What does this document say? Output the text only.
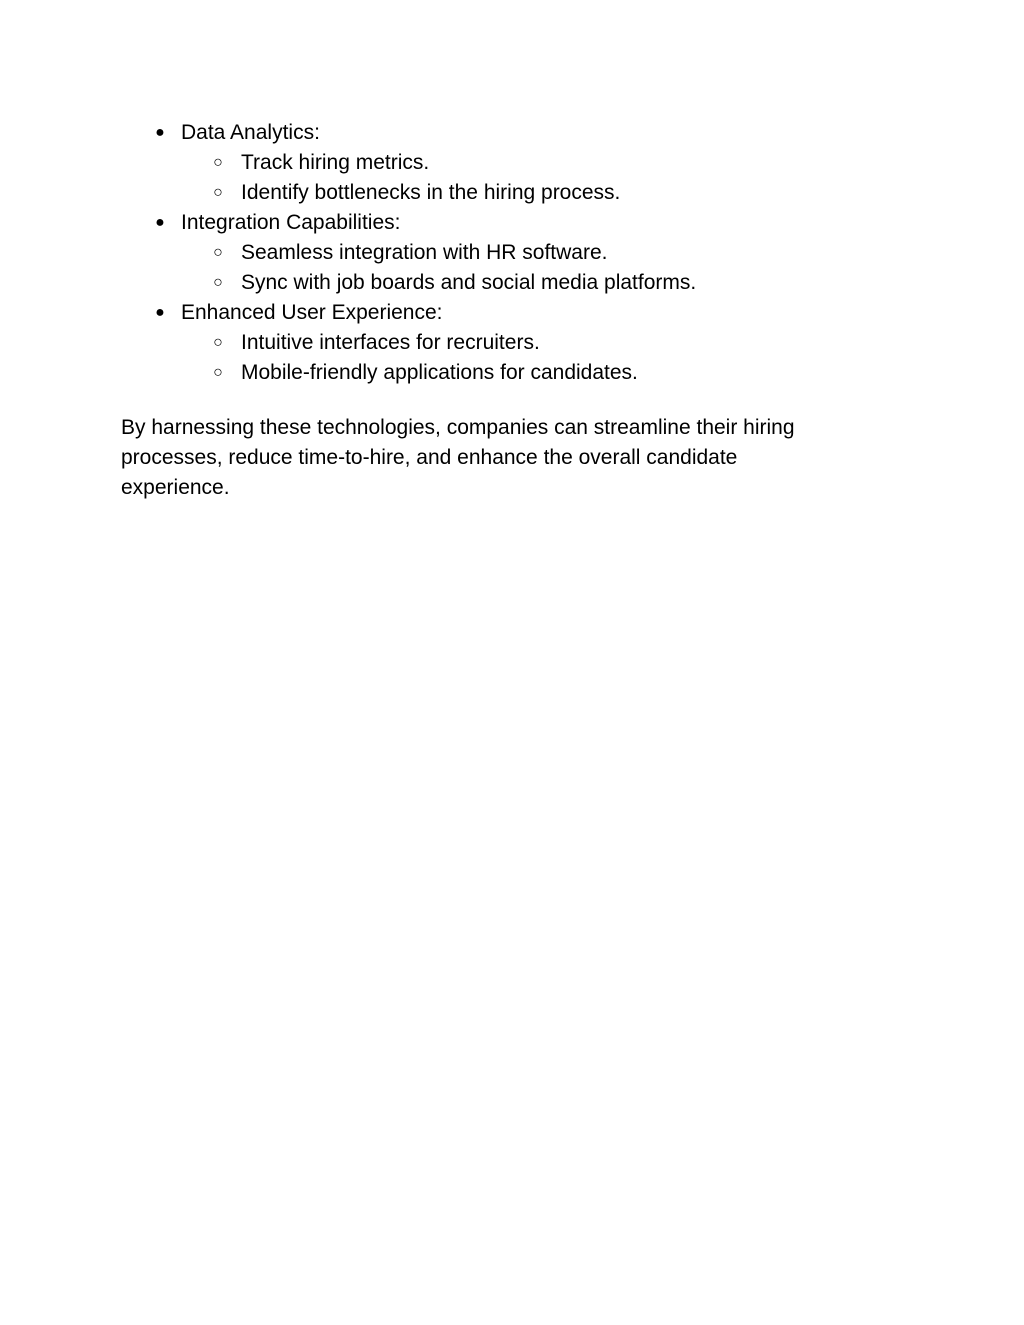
● Data Analytics:
○ Track hiring metrics.
○ Identify bottlenecks in the hiring process.
● Integration Capabilities:
○ Seamless integration with HR software.
○ Sync with job boards and social media platforms.
● Enhanced User Experience:
○ Intuitive interfaces for recruiters.
○ Mobile-friendly applications for candidates.
By harnessing these technologies, companies can streamline their hiring
processes, reduce time-to-hire, and enhance the overall candidate
experience.
